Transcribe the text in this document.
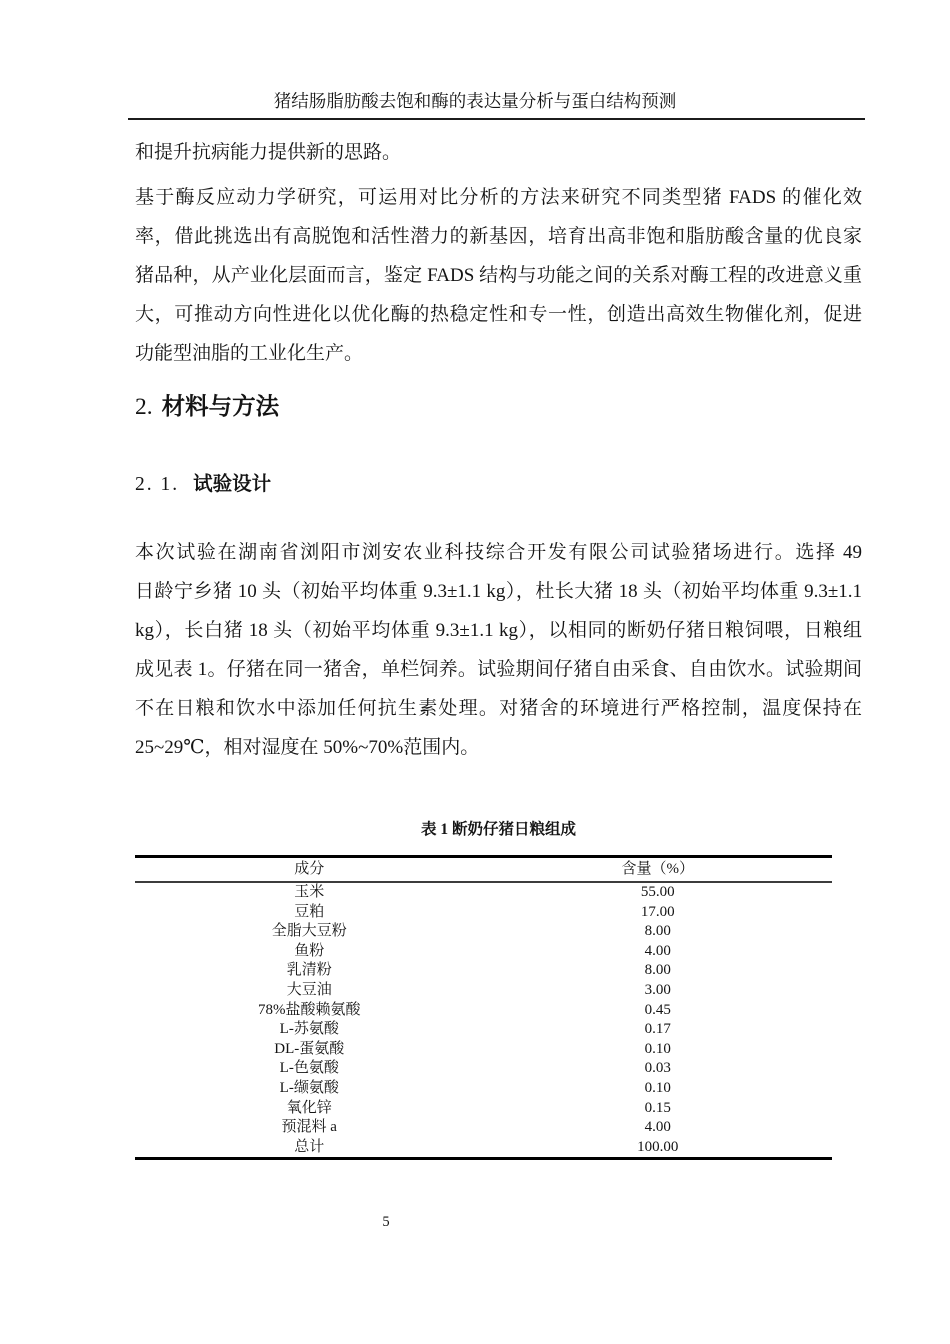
猪结肠脂肪酸去饱和酶的表达量分析与蛋白结构预测
和提升抗病能力提供新的思路。
基于酶反应动力学研究，可运用对比分析的方法来研究不同类型猪 FADS 的催化效
率，借此挑选出有高脱饱和活性潜力的新基因，培育出高非饱和脂肪酸含量的优良家
猪品种，从产业化层面而言，鉴定 FADS 结构与功能之间的关系对酶工程的改进意义重
大，可推动方向性进化以优化酶的热稳定性和专一性，创造出高效生物催化剂，促进
功能型油脂的工业化生产。
2. 材料与方法
2. 1. 试验设计
本次试验在湖南省浏阳市浏安农业科技综合开发有限公司试验猪场进行。选择 49
日龄宁乡猪 10 头（初始平均体重 9.3±1.1 kg），杜长大猪 18 头（初始平均体重 9.3±1.1
kg），长白猪 18 头（初始平均体重 9.3±1.1 kg），以相同的断奶仔猪日粮饲喂，日粮组
成见表 1。仔猪在同一猪舍，单栏饲养。试验期间仔猪自由采食、自由饮水。试验期间
不在日粮和饮水中添加任何抗生素处理。对猪舍的环境进行严格控制，温度保持在
25~29℃，相对湿度在 50%~70%范围内。
表 1 断奶仔猪日粮组成
成分	含量（%）
玉米	55.00
豆粕	17.00
全脂大豆粉	8.00
鱼粉	4.00
乳清粉	8.00
大豆油	3.00
78%盐酸赖氨酸	0.45
L-苏氨酸	0.17
DL-蛋氨酸	0.10
L-色氨酸	0.03
L-缬氨酸	0.10
氧化锌	0.15
预混料 a	4.00
总计	100.00
5
